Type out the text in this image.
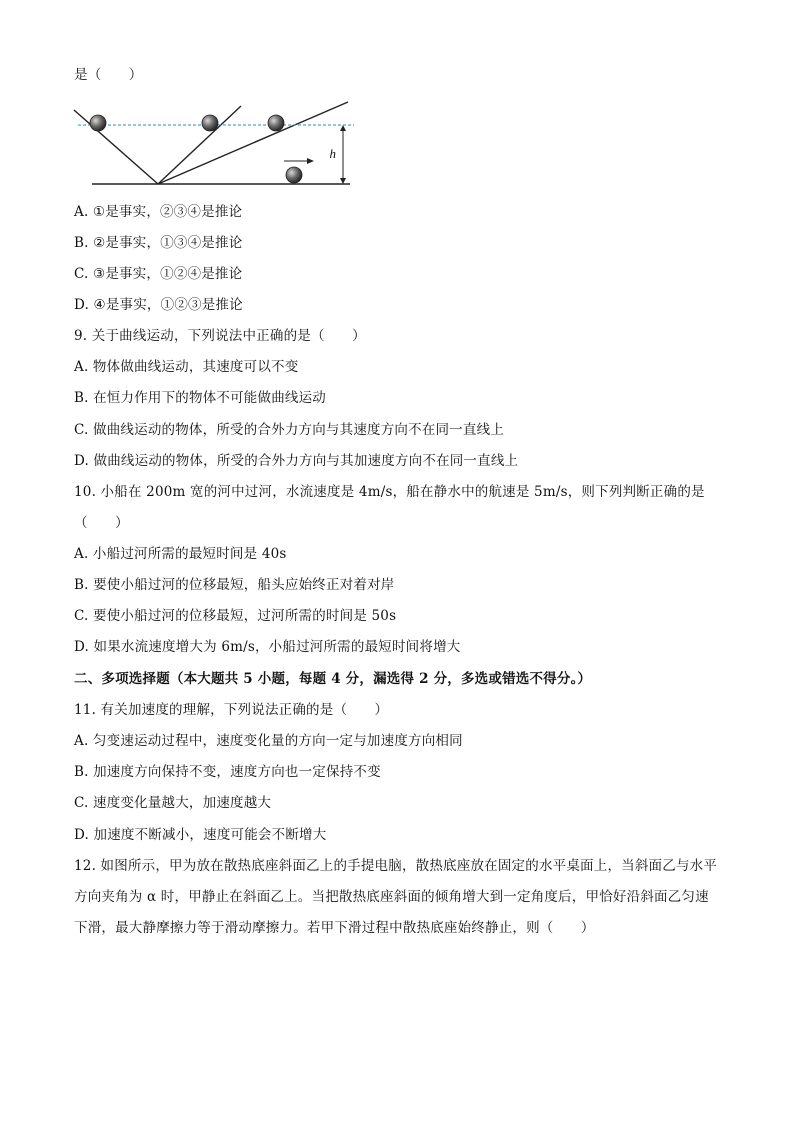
是（　　）
h
A. ①是事实，②③④是推论
B. ②是事实，①③④是推论
C. ③是事实，①②④是推论
D. ④是事实，①②③是推论
9. 关于曲线运动，下列说法中正确的是（　　）
A. 物体做曲线运动，其速度可以不变
B. 在恒力作用下的物体不可能做曲线运动
C. 做曲线运动的物体，所受的合外力方向与其速度方向不在同一直线上
D. 做曲线运动的物体，所受的合外力方向与其加速度方向不在同一直线上
10. 小船在 200m 宽的河中过河，水流速度是 4m/s，船在静水中的航速是 5m/s，则下列判断正确的是
（　　）
A. 小船过河所需的最短时间是 40s
B. 要使小船过河的位移最短，船头应始终正对着对岸
C. 要使小船过河的位移最短，过河所需的时间是 50s
D. 如果水流速度增大为 6m/s，小船过河所需的最短时间将增大
二、多项选择题（本大题共 5 小题，每题 4 分，漏选得 2 分，多选或错选不得分。）
11. 有关加速度的理解，下列说法正确的是（　　）
A. 匀变速运动过程中，速度变化量的方向一定与加速度方向相同
B. 加速度方向保持不变，速度方向也一定保持不变
C. 速度变化量越大，加速度越大
D. 加速度不断减小，速度可能会不断增大
12. 如图所示，甲为放在散热底座斜面乙上的手提电脑，散热底座放在固定的水平桌面上，当斜面乙与水平
方向夹角为 α 时，甲静止在斜面乙上。当把散热底座斜面的倾角增大到一定角度后，甲恰好沿斜面乙匀速
下滑，最大静摩擦力等于滑动摩擦力。若甲下滑过程中散热底座始终静止，则（　　）
